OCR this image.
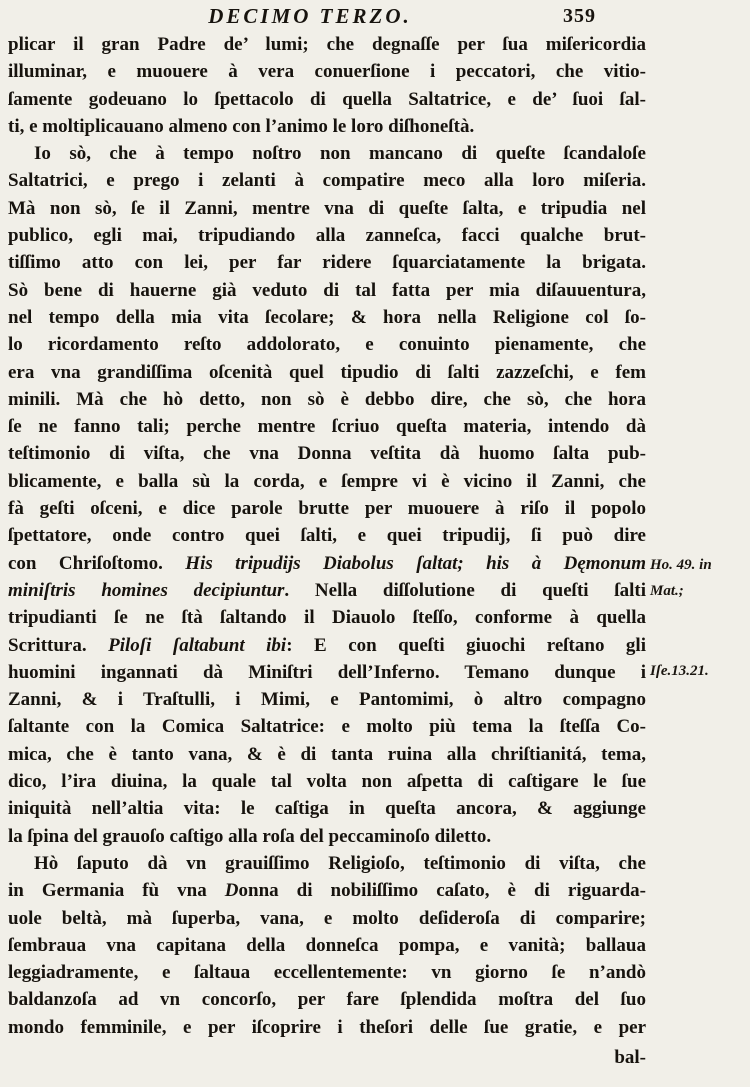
DECIMO TERZO.	359
plicar il gran Padre de’ lumi; che degnaſſe per ſua miſericordia
illuminar, e muouere à vera conuerſione i peccatori, che vitio-
ſamente godeuano lo ſpettacolo di quella Saltatrice, e de’ ſuoi ſal-
ti, e moltiplicauano almeno con l’animo le loro diſhoneſtà.
Io sò, che à tempo noſtro non mancano di queſte ſcandaloſe
Saltatrici, e prego i zelanti à compatire meco alla loro miſeria.
Mà non sò, ſe il Zanni, mentre vna di queſte ſalta, e tripudia nel
publico, egli mai, tripudiando alla zanneſca, facci qualche brut-
tiſſimo atto con lei, per far ridere ſquarciatamente la brigata.
Sò bene di hauerne già veduto di tal fatta per mia diſauuentura,
nel tempo della mia vita ſecolare; & hora nella Religione col ſo-
lo ricordamento reſto addolorato, e conuinto pienamente, che
era vna grandiſſima oſcenità quel tipudio di ſalti zazzeſchi, e fem
minili. Mà che hò detto, non sò è debbo dire, che sò, che hora
ſe ne fanno tali; perche mentre ſcriuo queſta materia, intendo dà
teſtimonio di viſta, che vna Donna veſtita dà huomo ſalta pub-
blicamente, e balla sù la corda, e ſempre vi è vicino il Zanni, che
fà geſti oſceni, e dice parole brutte per muouere à riſo il popolo
ſpettatore, onde contro quei ſalti, e quei tripudij, ſi può dire
con Chriſoſtomo. His tripudijs Diabolus ſaltat; his à Dęmonum
miniſtris homines decipiuntur. Nella diſſolutione di queſti ſalti
tripudianti ſe ne ſtà ſaltando il Diauolo ſteſſo, conforme à quella
Scrittura. Piloſi ſaltabunt ibi: E con queſti giuochi reſtano gli
huomini ingannati dà Miniſtri dell’Inferno. Temano dunque i
Zanni, & i Traſtulli, i Mimi, e Pantomimi, ò altro compagno
ſaltante con la Comica Saltatrice: e molto più tema la ſteſſa Co-
mica, che è tanto vana, & è di tanta ruina alla chriſtianitá, tema,
dico, l’ira diuina, la quale tal volta non aſpetta di caſtigare le ſue
iniquità nell’altia vita: le caſtiga in queſta ancora, & aggiunge
la ſpina del grauoſo caſtigo alla roſa del peccaminoſo diletto.
Hò ſaputo dà vn grauiſſimo Religioſo, teſtimonio di viſta, che
in Germania fù vna Donna di nobiliſſimo caſato, è di riguarda-
uole beltà, mà ſuperba, vana, e molto deſideroſa di comparire;
ſembraua vna capitana della donneſca pompa, e vanità; ballaua
leggiadramente, e ſaltaua eccellentemente: vn giorno ſe n’andò
baldanzoſa ad vn concorſo, per fare ſplendida moſtra del ſuo
mondo femminile, e per iſcoprire i theſori delle ſue gratie, e per
Ho. 49. in Mat.;
Iſe.13.21.
bal-
